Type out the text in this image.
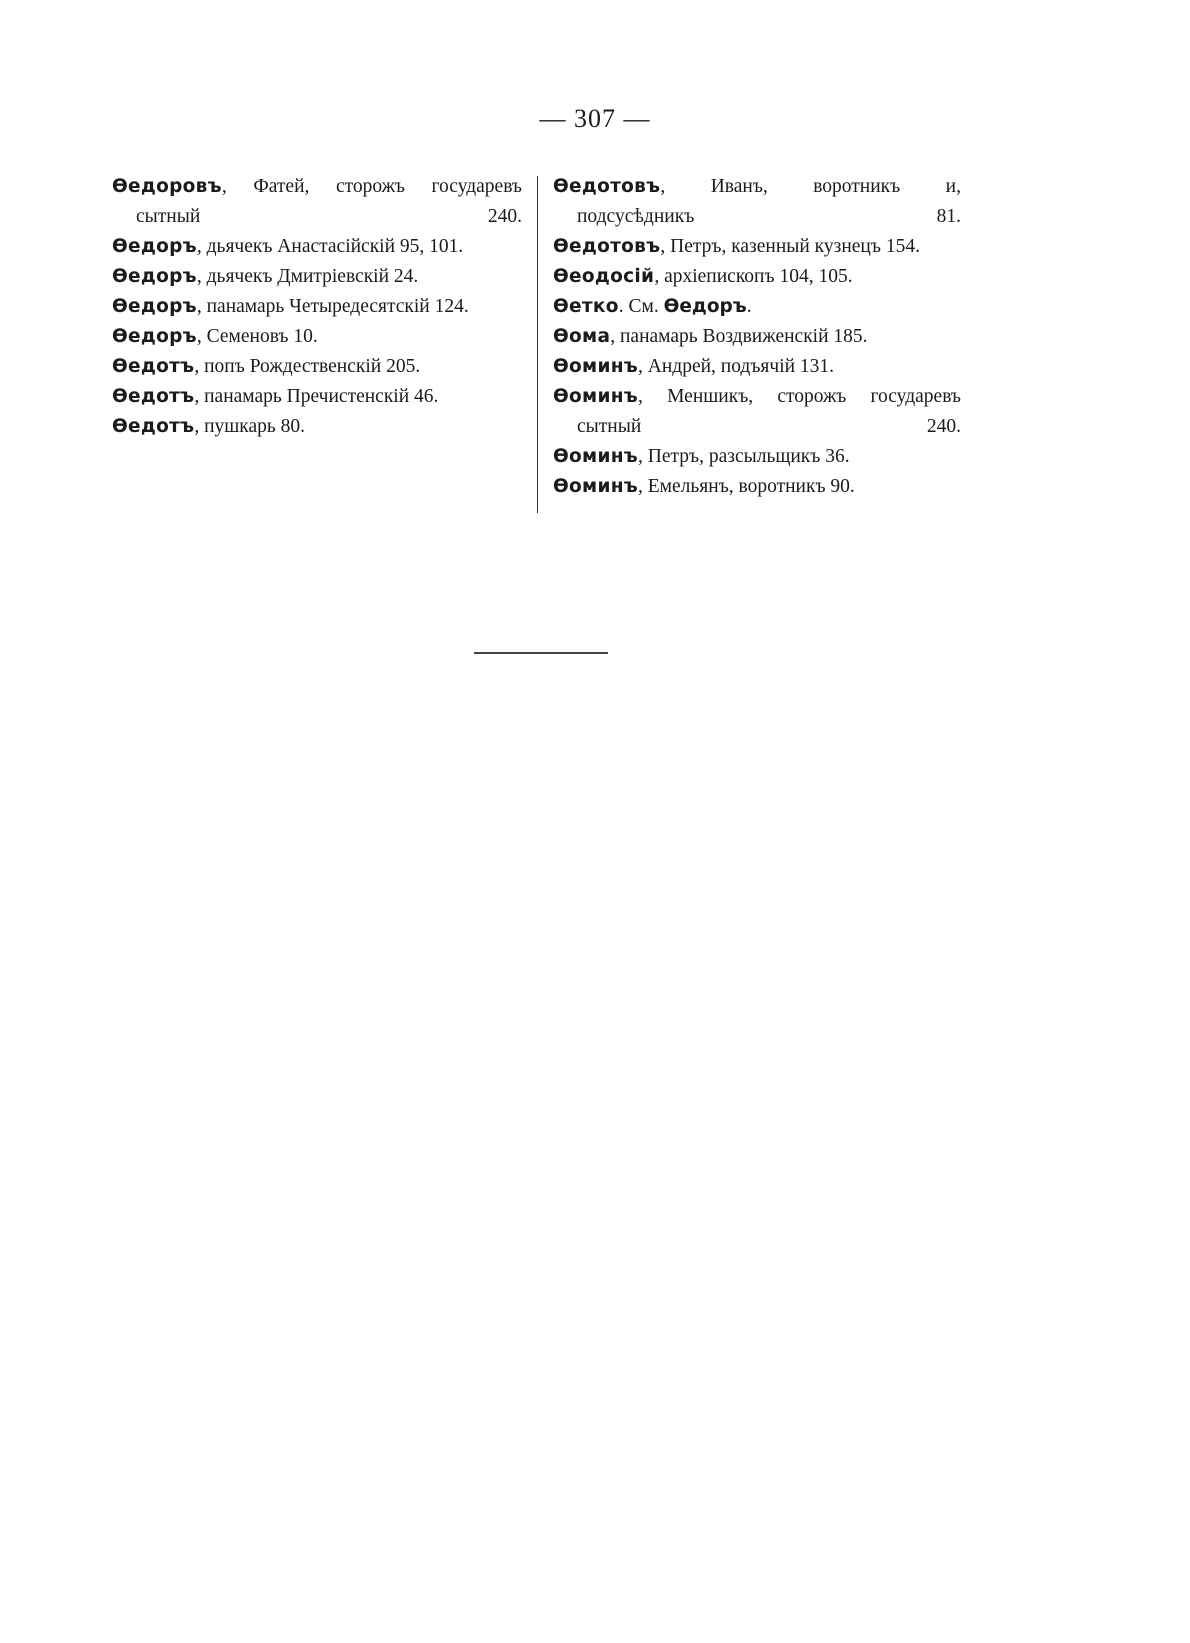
— 307 —

Ѳедоровъ, Фатей, сторожъ государевъ сытный 240.

Ѳедоръ, дьячекъ Анастасійскій 95, 101.

Ѳедоръ, дьячекъ Дмитріевскій 24.

Ѳедоръ, панамарь Четыредесятскій 124.

Ѳедоръ, Семеновъ 10.

Ѳедотъ, попъ Рождественскій 205.

Ѳедотъ, панамарь Пречистенскій 46.

Ѳедотъ, пушкарь 80.

Ѳедотовъ, Иванъ, воротникъ и, подсусѣдникъ 81.

Ѳедотовъ, Петръ, казенный кузнецъ 154.

Ѳеодосій, архіепископъ 104, 105.

Ѳетко. См. Ѳедоръ.

Ѳома, панамарь Воздвиженскій 185.

Ѳоминъ, Андрей, подъячій 131.

Ѳоминъ, Меншикъ, сторожъ государевъ сытный 240.

Ѳоминъ, Петръ, разсыльщикъ 36.

Ѳоминъ, Емельянъ, воротникъ 90.
